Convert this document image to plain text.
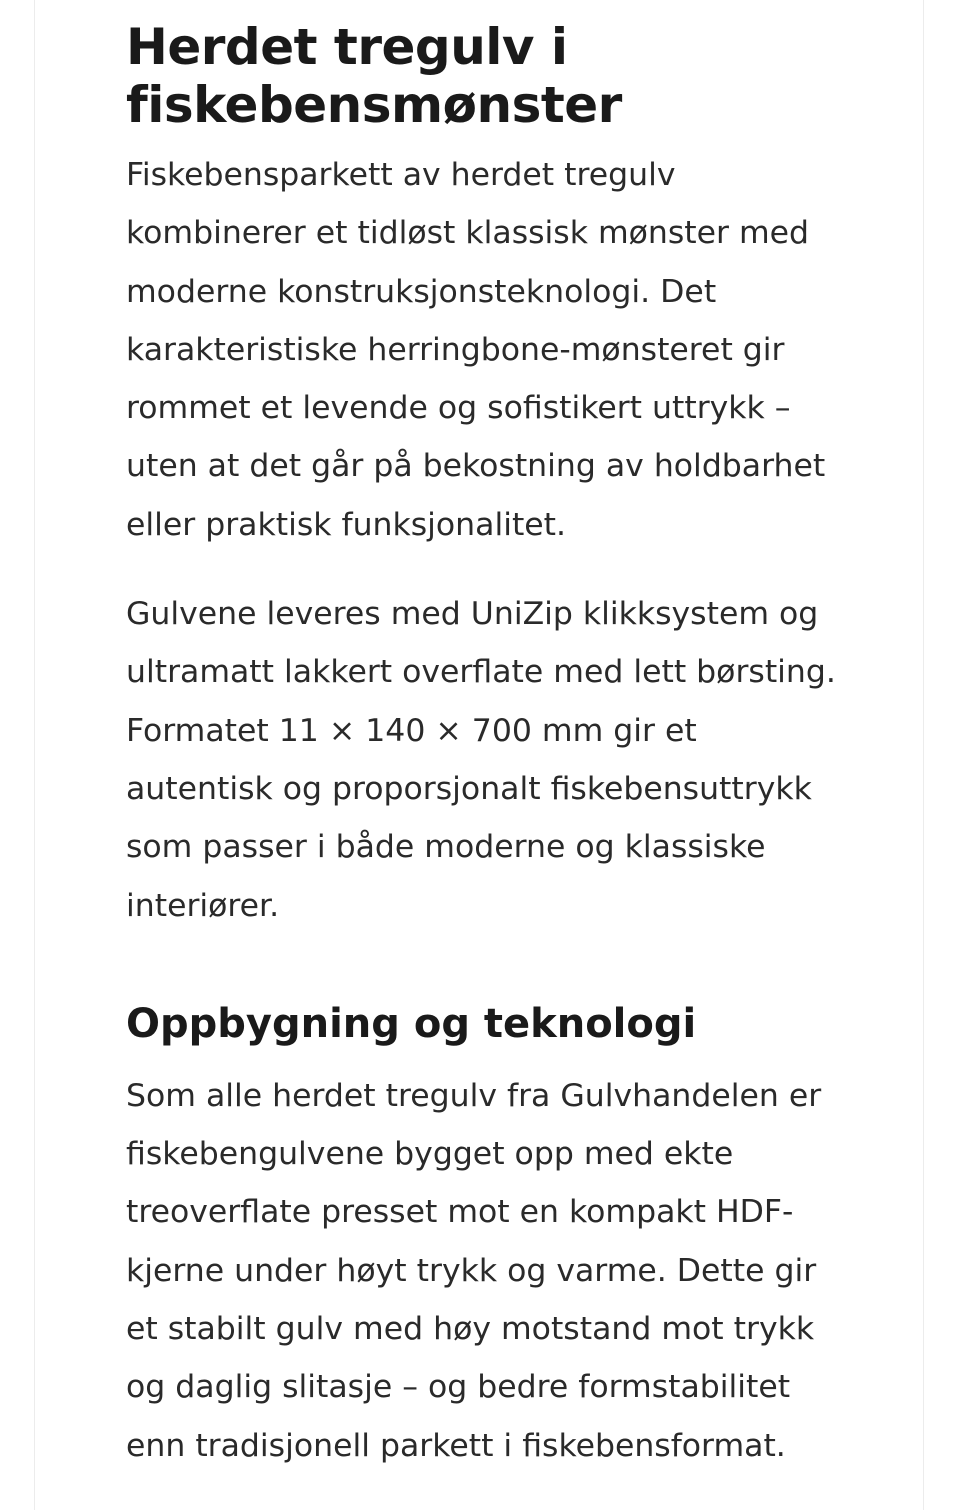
Herdet tregulv i fiskebensmønster

Fiskebensparkett av herdet tregulv kombinerer et tidløst klassisk mønster med moderne konstruksjonsteknologi. Det karakteristiske herringbone-mønsteret gir rommet et levende og sofistikert uttrykk – uten at det går på bekostning av holdbarhet eller praktisk funksjonalitet.

Gulvene leveres med UniZip klikksystem og ultramatt lakkert overflate med lett børsting. Formatet 11 × 140 × 700 mm gir et autentisk og proporsjonalt fiskebensuttrykk som passer i både moderne og klassiske interiører.

Oppbygning og teknologi

Som alle herdet tregulv fra Gulvhandelen er fiskebengulvene bygget opp med ekte treoverflate presset mot en kompakt HDF-kjerne under høyt trykk og varme. Dette gir et stabilt gulv med høy motstand mot trykk og daglig slitasje – og bedre formstabilitet enn tradisjonell parkett i fiskebensformat.
